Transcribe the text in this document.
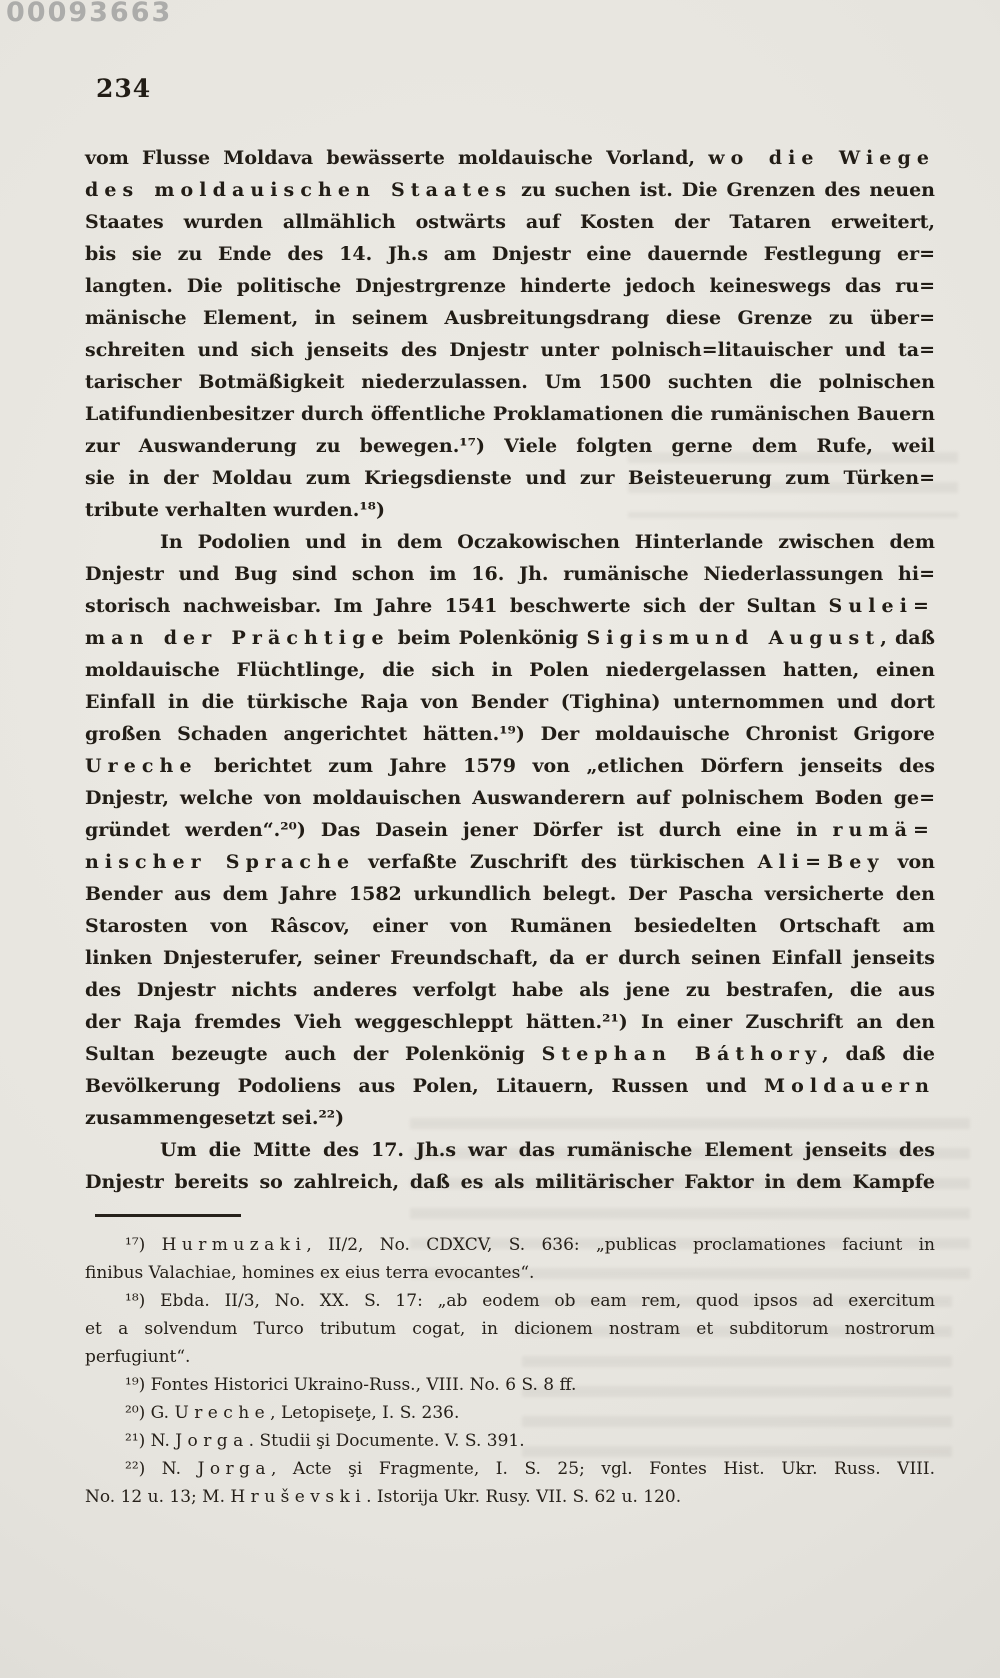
00093663
234
vom Flusse Moldava bewässerte moldauische Vorland, wo die Wiege
des moldauischen Staates zu suchen ist. Die Grenzen des neuen
Staates wurden allmählich ostwärts auf Kosten der Tataren erweitert,
bis sie zu Ende des 14. Jh.s am Dnjestr eine dauernde Festlegung er=
langten. Die politische Dnjestrgrenze hinderte jedoch keineswegs das ru=
mänische Element, in seinem Ausbreitungsdrang diese Grenze zu über=
schreiten und sich jenseits des Dnjestr unter polnisch=litauischer und ta=
tarischer Botmäßigkeit niederzulassen. Um 1500 suchten die polnischen
Latifundienbesitzer durch öffentliche Proklamationen die rumänischen Bauern
zur Auswanderung zu bewegen.¹⁷) Viele folgten gerne dem Rufe, weil
sie in der Moldau zum Kriegsdienste und zur Beisteuerung zum Türken=
tribute verhalten wurden.¹⁸)
In Podolien und in dem Oczakowischen Hinterlande zwischen dem
Dnjestr und Bug sind schon im 16. Jh. rumänische Niederlassungen hi=
storisch nachweisbar. Im Jahre 1541 beschwerte sich der Sultan Sulei=
man der Prächtige beim Polenkönig Sigismund August, daß
moldauische Flüchtlinge, die sich in Polen niedergelassen hatten, einen
Einfall in die türkische Raja von Bender (Tighina) unternommen und dort
großen Schaden angerichtet hätten.¹⁹) Der moldauische Chronist Grigore
Ureche berichtet zum Jahre 1579 von „etlichen Dörfern jenseits des
Dnjestr, welche von moldauischen Auswanderern auf polnischem Boden ge=
gründet werden“.²⁰) Das Dasein jener Dörfer ist durch eine in rumä=
nischer Sprache verfaßte Zuschrift des türkischen Ali=Bey von
Bender aus dem Jahre 1582 urkundlich belegt. Der Pascha versicherte den
Starosten von Râscov, einer von Rumänen besiedelten Ortschaft am
linken Dnjesterufer, seiner Freundschaft, da er durch seinen Einfall jenseits
des Dnjestr nichts anderes verfolgt habe als jene zu bestrafen, die aus
der Raja fremdes Vieh weggeschleppt hätten.²¹) In einer Zuschrift an den
Sultan bezeugte auch der Polenkönig Stephan Báthory, daß die
Bevölkerung Podoliens aus Polen, Litauern, Russen und Moldauern
zusammengesetzt sei.²²)
Um die Mitte des 17. Jh.s war das rumänische Element jenseits des
Dnjestr bereits so zahlreich, daß es als militärischer Faktor in dem Kampfe
¹⁷) Hurmuzaki, II/2, No. CDXCV, S. 636: „publicas proclamationes faciunt in
finibus Valachiae, homines ex eius terra evocantes“.
¹⁸) Ebda. II/3, No. XX. S. 17: „ab eodem ob eam rem, quod ipsos ad exercitum
et a solvendum Turco tributum cogat, in dicionem nostram et subditorum nostrorum
perfugiunt“.
¹⁹) Fontes Historici Ukraino-Russ., VIII. No. 6 S. 8 ff.
²⁰) G. Ureche, Letopiseţe, I. S. 236.
²¹) N. Jorga. Studii şi Documente. V. S. 391.
²²) N. Jorga, Acte şi Fragmente, I. S. 25; vgl. Fontes Hist. Ukr. Russ. VIII.
No. 12 u. 13; M. Hruševski. Istorija Ukr. Rusy. VII. S. 62 u. 120.
